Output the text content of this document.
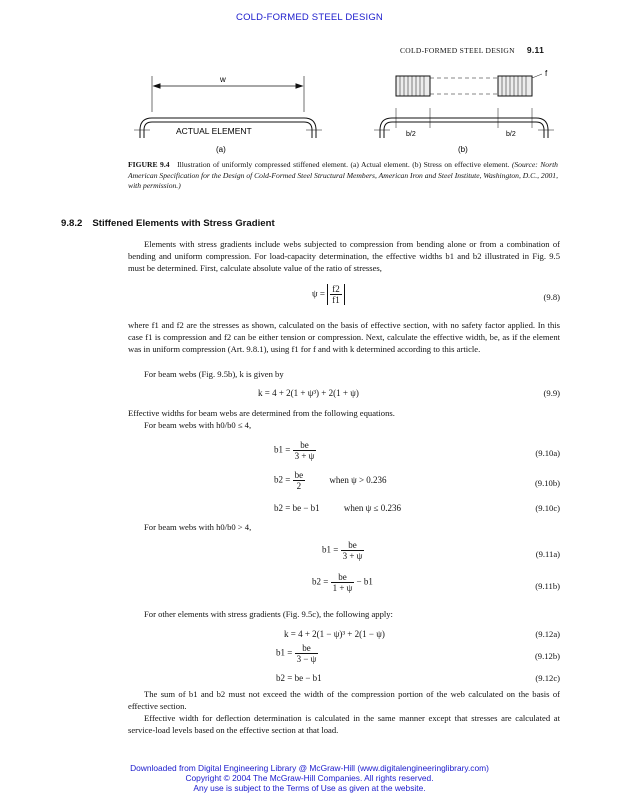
COLD-FORMED STEEL DESIGN
COLD-FORMED STEEL DESIGN 9.11
w
ACTUAL ELEMENT
(a)
f
b/2	b/2
(b)
FIGURE 9.4 Illustration of uniformly compressed stiffened element. (a) Actual element. (b) Stress on effective element. (Source: North American Specification for the Design of Cold-Formed Steel Structural Members, American Iron and Steel Institute, Washington, D.C., 2001, with permission.)
9.8.2 Stiffened Elements with Stress Gradient
Elements with stress gradients include webs subjected to compression from bending alone or from a combination of bending and uniform compression. For load-capacity determination, the effective widths b1 and b2 illustrated in Fig. 9.5 must be determined. First, calculate absolute value of the ratio of stresses,
$\psi = \frac{f2}{f1}$	(9.8)
where f1 and f2 are the stresses as shown, calculated on the basis of effective section, with no safety factor applied. In this case f1 is compression and f2 can be either tension or compression. Next, calculate the effective width, be, as if the element was in uniform compression (Art. 9.8.1), using f1 for f and with k determined according to this article.
For beam webs (Fig. 9.5b), k is given by
k = 4 + 2(1 + ψ³) + 2(1 + ψ)	(9.9)
Effective widths for beam webs are determined from the following equations.
For beam webs with h0/b0 ≤ 4,
$b1 = \frac{be}{3 + \psi}$	(9.10a)
$b2 = \frac{be}{2}$	when ψ > 0.236	(9.10b)
b2 = be − b1	when ψ ≤ 0.236	(9.10c)
For beam webs with h0/b0 > 4,
$b1 = \frac{be}{3 + \psi}$	(9.11a)
$b2 = \frac{be}{1 + \psi} - b1$	(9.11b)
For other elements with stress gradients (Fig. 9.5c), the following apply:
k = 4 + 2(1 − ψ)³ + 2(1 − ψ)	(9.12a)
$b1 = \frac{be}{3 - \psi}$	(9.12b)
b2 = be − b1	(9.12c)
The sum of b1 and b2 must not exceed the width of the compression portion of the web calculated on the basis of effective section.
Effective width for deflection determination is calculated in the same manner except that stresses are calculated at service-load levels based on the effective section at that load.
Downloaded from Digital Engineering Library @ McGraw-Hill (www.digitalengineeringlibrary.com)
Copyright © 2004 The McGraw-Hill Companies. All rights reserved.
Any use is subject to the Terms of Use as given at the website.
